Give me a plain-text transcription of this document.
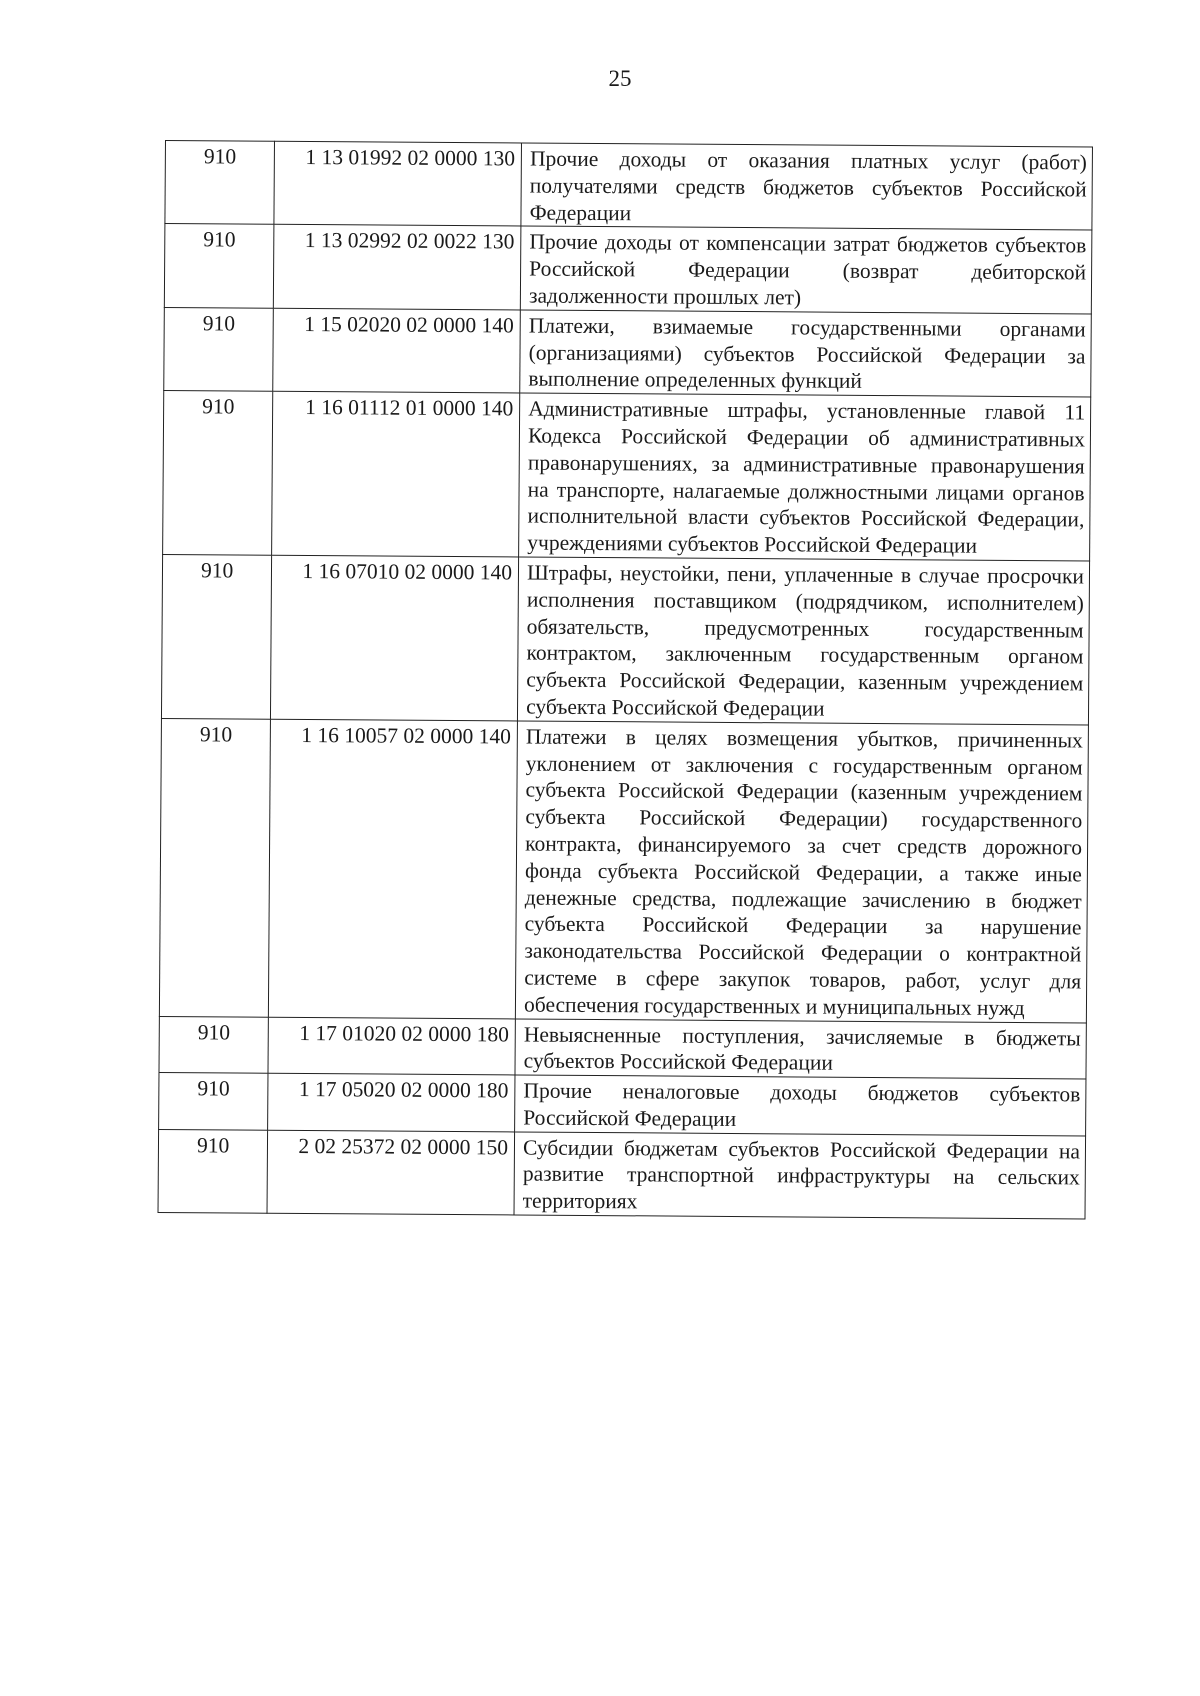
25
910	1 13 01992 02 0000 130	Прочие доходы от оказания платных услуг (работ) получателями средств бюджетов субъектов Российской Федерации
910	1 13 02992 02 0022 130	Прочие доходы от компенсации затрат бюджетов субъектов Российской Федерации (возврат дебиторской задолженности прошлых лет)
910	1 15 02020 02 0000 140	Платежи, взимаемые государственными органами (организациями) субъектов Российской Федерации за выполнение определенных функций
910	1 16 01112 01 0000 140	Административные штрафы, установленные главой 11 Кодекса Российской Федерации об административных правонарушениях, за административные правонарушения на транспорте, налагаемые должностными лицами органов исполнительной власти субъектов Российской Федерации, учреждениями субъектов Российской Федерации
910	1 16 07010 02 0000 140	Штрафы, неустойки, пени, уплаченные в случае просрочки исполнения поставщиком (подрядчиком, исполнителем) обязательств, предусмотренных государственным контрактом, заключенным государственным органом субъекта Российской Федерации, казенным учреждением субъекта Российской Федерации
910	1 16 10057 02 0000 140	Платежи в целях возмещения убытков, причиненных уклонением от заключения с государственным органом субъекта Российской Федерации (казенным учреждением субъекта Российской Федерации) государственного контракта, финансируемого за счет средств дорожного фонда субъекта Российской Федерации, а также иные денежные средства, подлежащие зачислению в бюджет субъекта Российской Федерации за нарушение законодательства Российской Федерации о контрактной системе в сфере закупок товаров, работ, услуг для обеспечения государственных и муниципальных нужд
910	1 17 01020 02 0000 180	Невыясненные поступления, зачисляемые в бюджеты субъектов Российской Федерации
910	1 17 05020 02 0000 180	Прочие неналоговые доходы бюджетов субъектов Российской Федерации
910	2 02 25372 02 0000 150	Субсидии бюджетам субъектов Российской Федерации на развитие транспортной инфраструктуры на сельских территориях
